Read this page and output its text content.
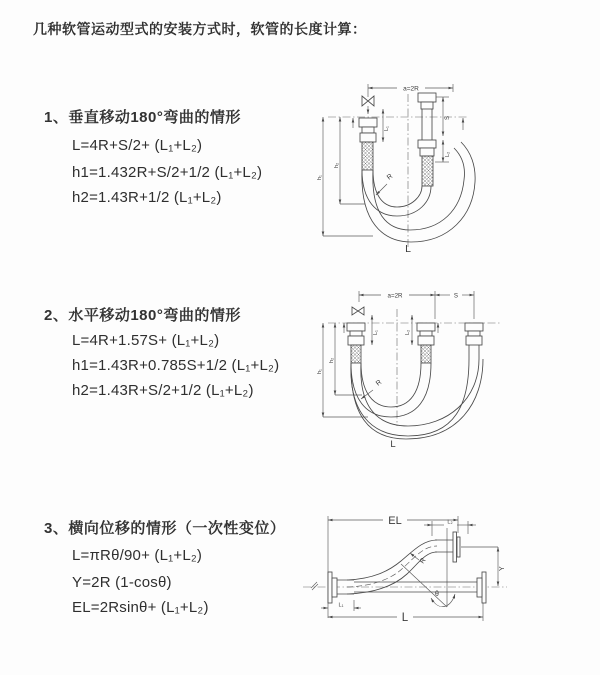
几种软管运动型式的安装方式时，软管的长度计算：
1、垂直移动180°弯曲的情形
L=4R+S/2+ (L₁+L₂)
h1=1.432R+S/2+1/2 (L₁+L₂)
h2=1.43R+1/2 (L₁+L₂)
2、水平移动180°弯曲的情形
L=4R+1.57S+ (L₁+L₂)
h1=1.43R+0.785S+1/2 (L₁+L₂)
h2=1.43R+S/2+1/2 (L₁+L₂)
3、横向位移的情形（一次性变位）
L=πRθ/90+ (L₁+L₂)
Y=2R (1-cosθ)
EL=2Rsinθ+ (L₁+L₂)
a=2R
L₁
S
L₂
h₁
h₂
R
L
a=2R	S
L₁	L₂
h₁
h₂
R
L
EL	L₂
Y
L₁
L
θ
R
